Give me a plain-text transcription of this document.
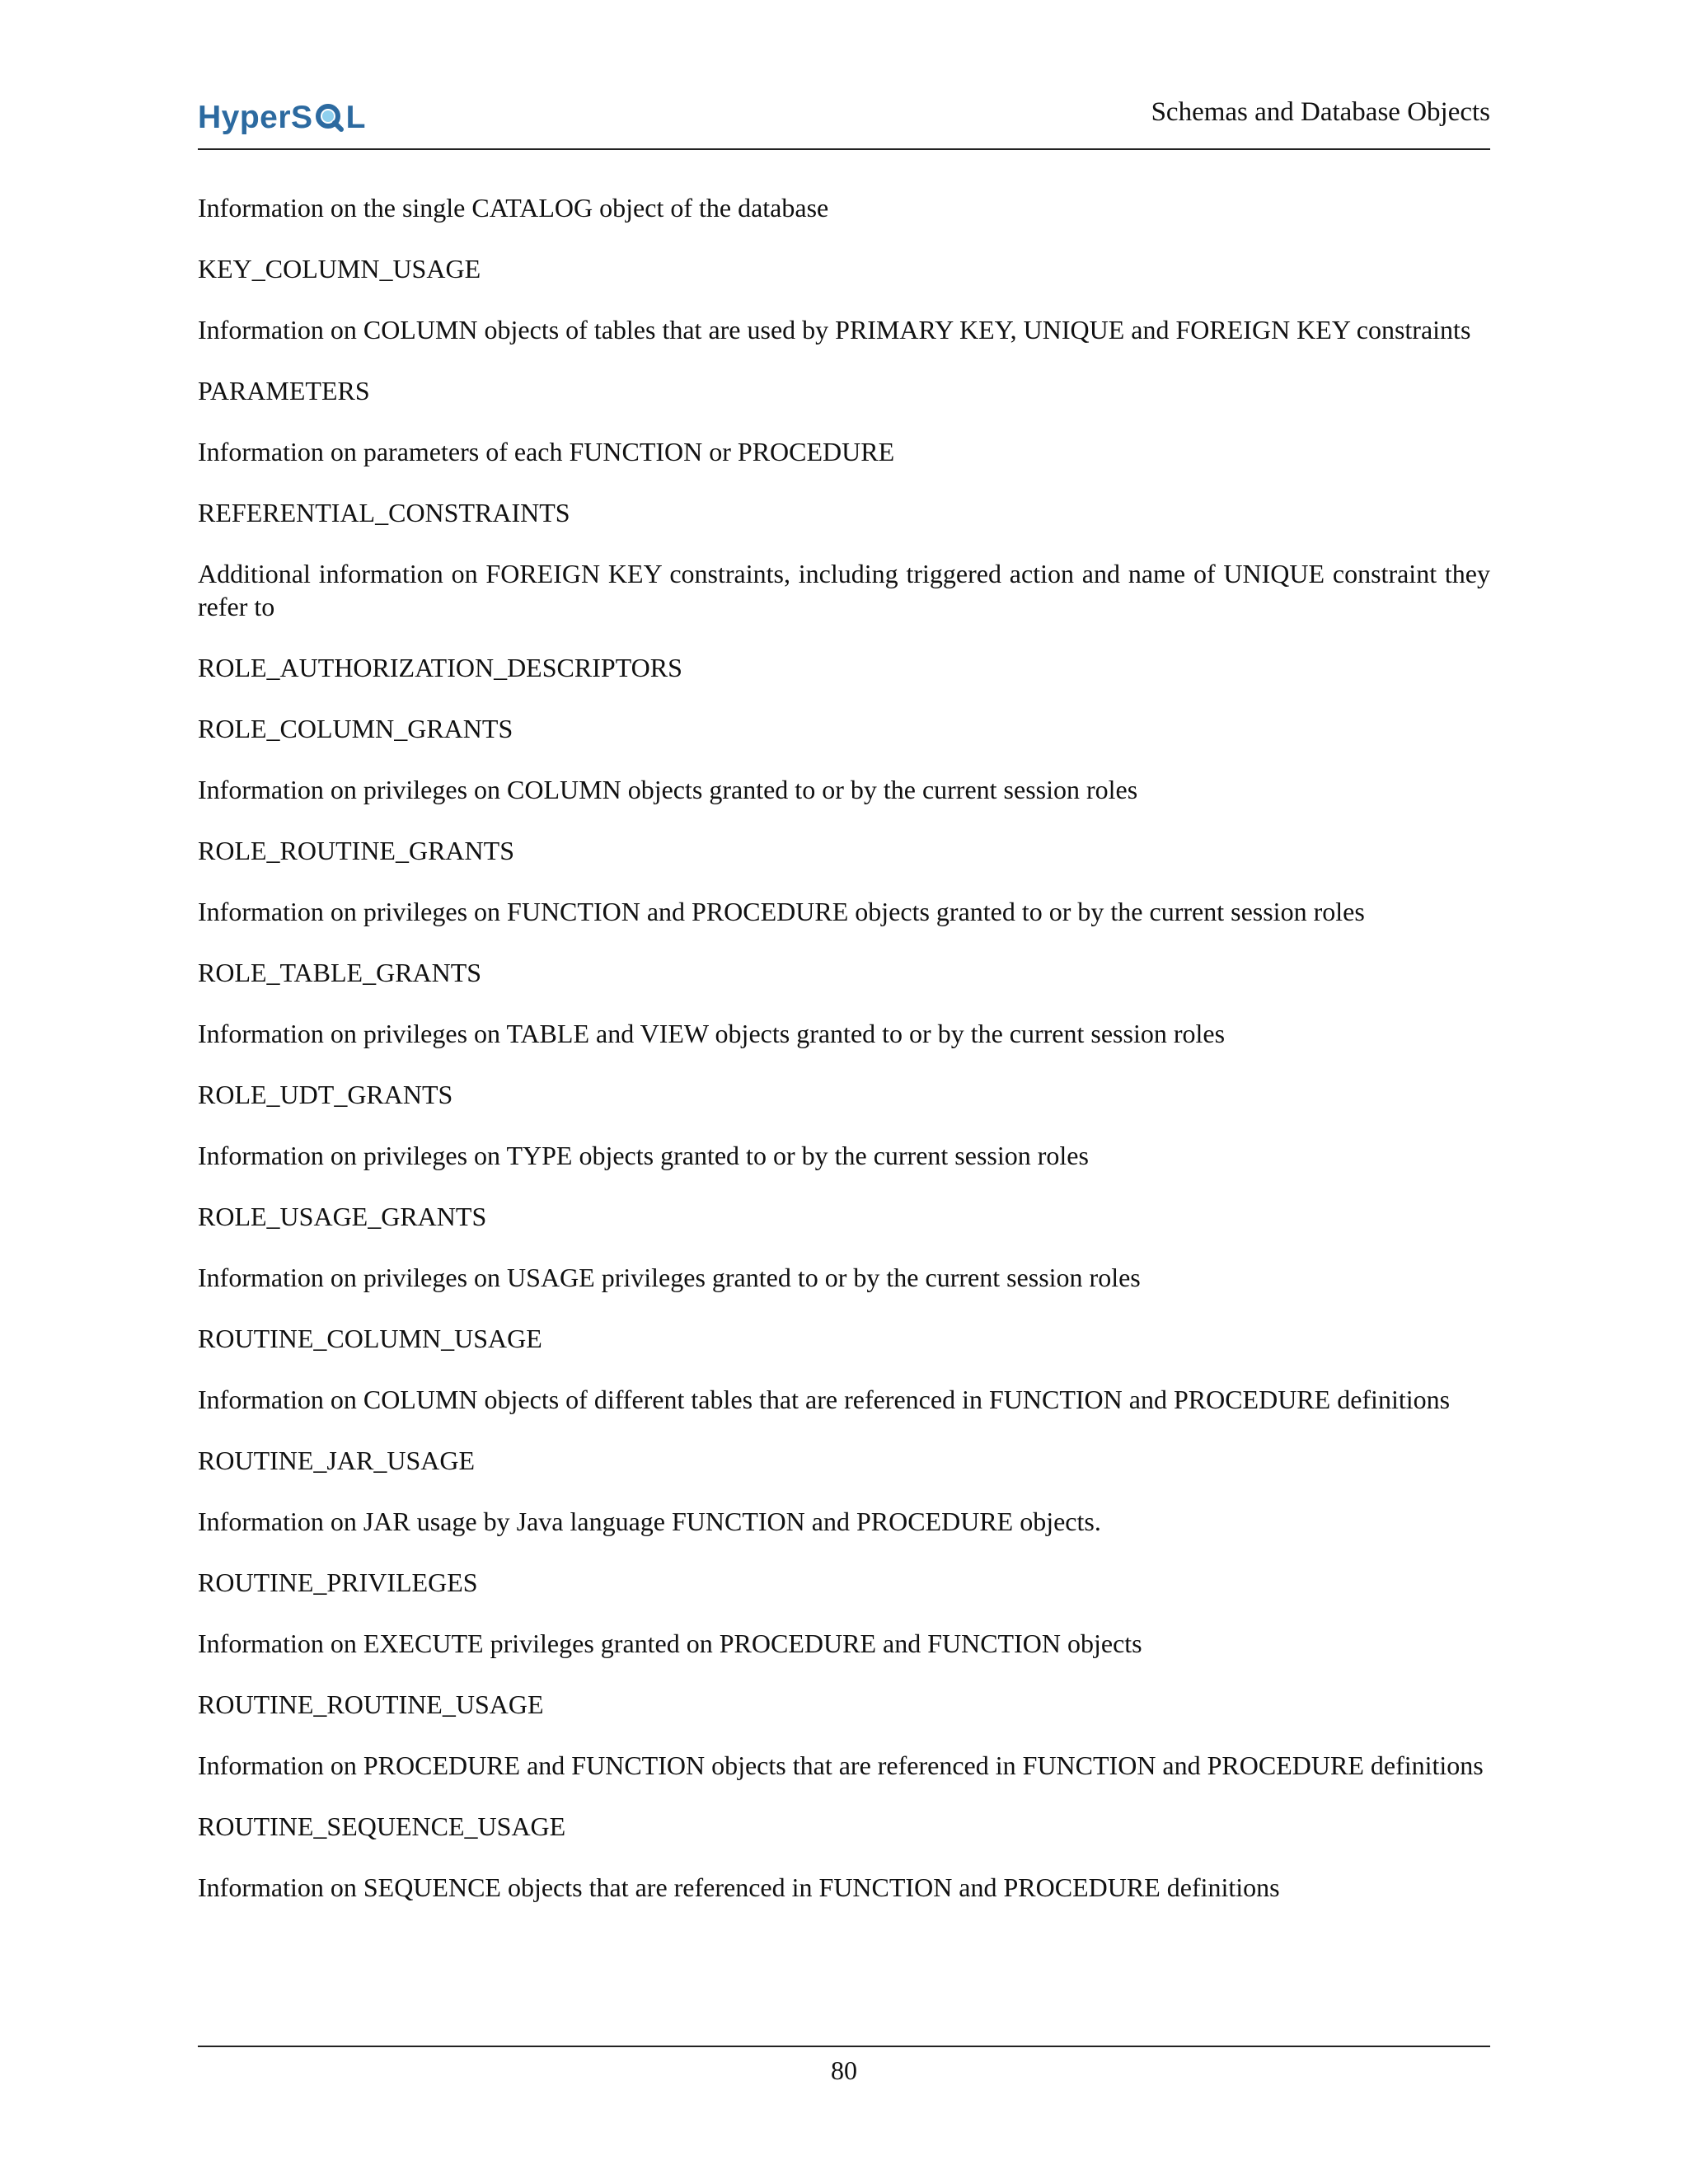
HyperS L	Schemas and Database Objects

Information on the single CATALOG object of the database

KEY_COLUMN_USAGE

Information on COLUMN objects of tables that are used by PRIMARY KEY, UNIQUE and FOREIGN KEY constraints

PARAMETERS

Information on parameters of each FUNCTION or PROCEDURE

REFERENTIAL_CONSTRAINTS

Additional information on FOREIGN KEY constraints, including triggered action and name of UNIQUE constraint they refer to

ROLE_AUTHORIZATION_DESCRIPTORS

ROLE_COLUMN_GRANTS

Information on privileges on COLUMN objects granted to or by the current session roles

ROLE_ROUTINE_GRANTS

Information on privileges on FUNCTION and PROCEDURE objects granted to or by the current session roles

ROLE_TABLE_GRANTS

Information on privileges on TABLE and VIEW objects granted to or by the current session roles

ROLE_UDT_GRANTS

Information on privileges on TYPE objects granted to or by the current session roles

ROLE_USAGE_GRANTS

Information on privileges on USAGE privileges granted to or by the current session roles

ROUTINE_COLUMN_USAGE

Information on COLUMN objects of different tables that are referenced in FUNCTION and PROCEDURE definitions

ROUTINE_JAR_USAGE

Information on JAR usage by Java language FUNCTION and PROCEDURE objects.

ROUTINE_PRIVILEGES

Information on EXECUTE privileges granted on PROCEDURE and FUNCTION objects

ROUTINE_ROUTINE_USAGE

Information on PROCEDURE and FUNCTION objects that are referenced in FUNCTION and PROCEDURE definitions

ROUTINE_SEQUENCE_USAGE

Information on SEQUENCE objects that are referenced in FUNCTION and PROCEDURE definitions

80
